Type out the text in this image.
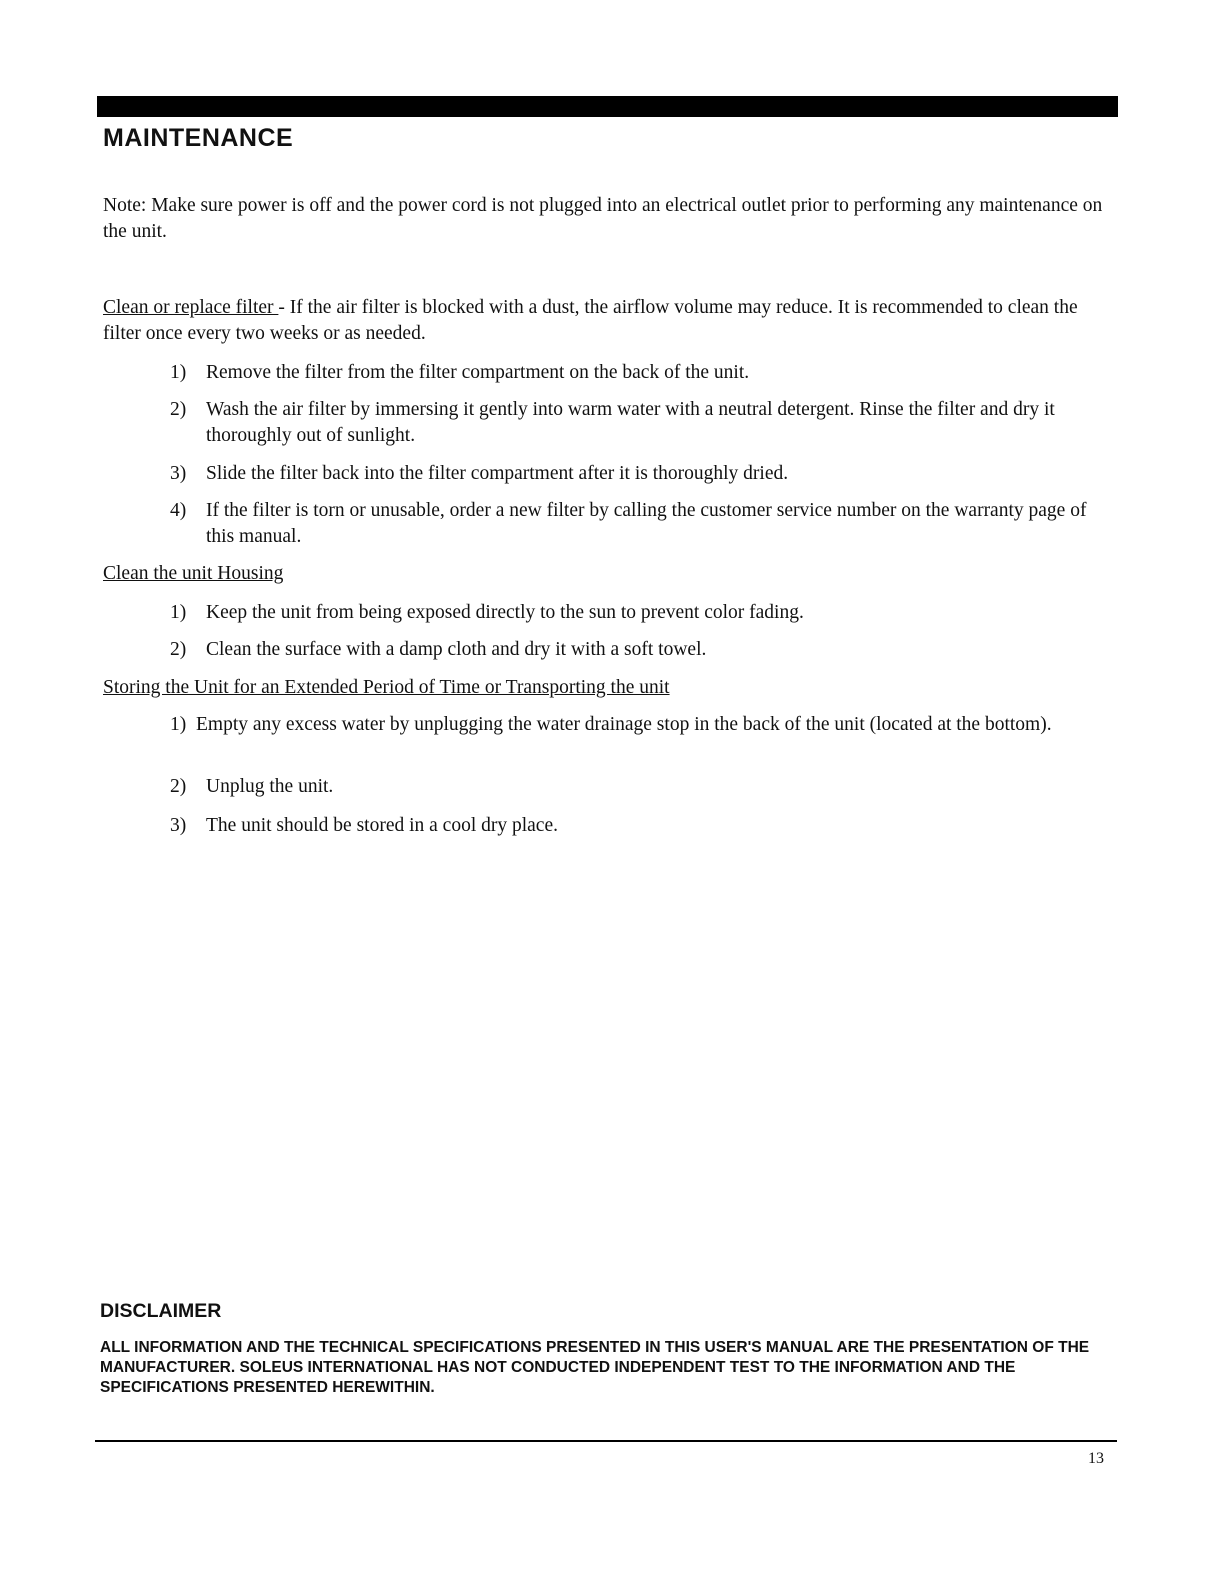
MAINTENANCE

Note: Make sure power is off and the power cord is not plugged into an electrical outlet prior to performing any maintenance on the unit.

Clean or replace filter - If the air filter is blocked with a dust, the airflow volume may reduce. It is recommended to clean the filter once every two weeks or as needed.

1) Remove the filter from the filter compartment on the back of the unit.
2) Wash the air filter by immersing it gently into warm water with a neutral detergent. Rinse the filter and dry it thoroughly out of sunlight.
3) Slide the filter back into the filter compartment after it is thoroughly dried.
4) If the filter is torn or unusable, order a new filter by calling the customer service number on the warranty page of this manual.

Clean the unit Housing

1) Keep the unit from being exposed directly to the sun to prevent color fading.
2) Clean the surface with a damp cloth and dry it with a soft towel.

Storing the Unit for an Extended Period of Time or Transporting the unit

1) Empty any excess water by unplugging the water drainage stop in the back of the unit (located at the bottom).

2) Unplug the unit.
3) The unit should be stored in a cool dry place.
DISCLAIMER

ALL INFORMATION AND THE TECHNICAL SPECIFICATIONS PRESENTED IN THIS USER'S MANUAL ARE THE PRESENTATION OF THE MANUFACTURER. SOLEUS INTERNATIONAL HAS NOT CONDUCTED INDEPENDENT TEST TO THE INFORMATION AND THE SPECIFICATIONS PRESENTED HEREWITHIN.

13
